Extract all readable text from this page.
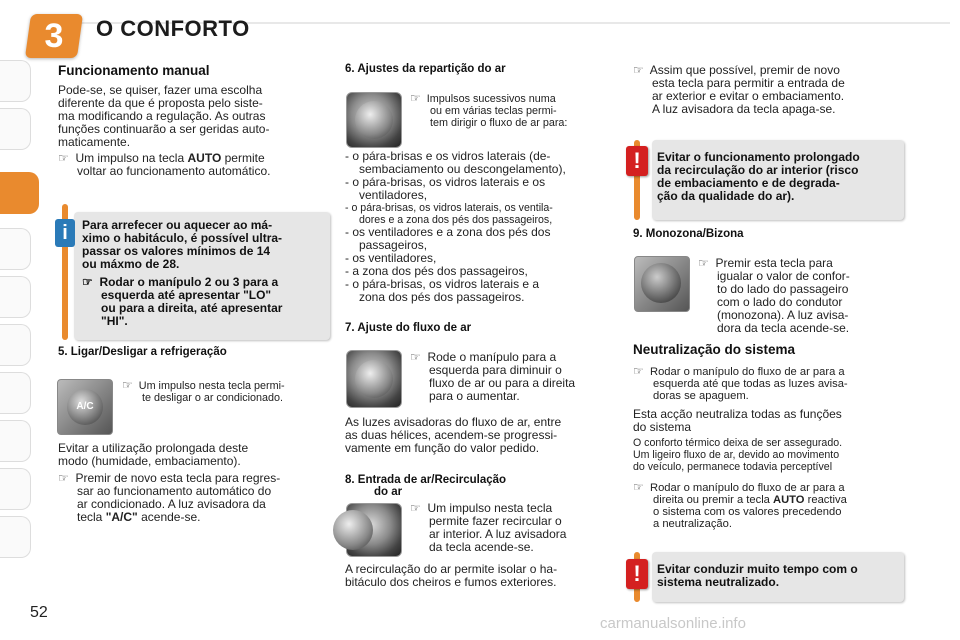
3	O CONFORTO
Funcionamento manual
Pode-se, se quiser, fazer uma escolha
diferente da que é proposta pelo siste-
ma modificando a regulação. As outras
funções continuarão a ser geridas auto-
maticamente.
☞ Um impulso na tecla AUTO permite
voltar ao funcionamento automático.
i	Para arrefecer ou aquecer ao má-
ximo o habitáculo, é possível ultra-
passar os valores mínimos de 14
ou máxmo de 28.
☞ Rodar o manípulo 2 ou 3 para a
esquerda até apresentar "LO"
ou para a direita, até apresentar
"HI".
5. Ligar/Desligar a refrigeração
A/C
☞ Um impulso nesta tecla permi-
te desligar o ar condicionado.
Evitar a utilização prolongada deste
modo (humidade, embaciamento).
☞ Premir de novo esta tecla para regres-
sar ao funcionamento automático do
ar condicionado. A luz avisadora da
tecla "A/C" acende-se.
6. Ajustes da repartição do ar
☞ Impulsos sucessivos numa
ou em várias teclas permi-
tem dirigir o fluxo de ar para:
- o pára-brisas e os vidros laterais (de-
sembaciamento ou descongelamento),
- o pára-brisas, os vidros laterais e os
ventiladores,
- o pára-brisas, os vidros laterais, os ventila-
dores e a zona dos pés dos passageiros,
- os ventiladores e a zona dos pés dos
passageiros,
- os ventiladores,
- a zona dos pés dos passageiros,
- o pára-brisas, os vidros laterais e a
zona dos pés dos passageiros.
7. Ajuste do fluxo de ar
☞ Rode o manípulo para a
esquerda para diminuir o
fluxo de ar ou para a direita
para o aumentar.
As luzes avisadoras do fluxo de ar, entre
as duas hélices, acendem-se progressi-
vamente em função do valor pedido.
8. Entrada de ar/Recirculação
do ar
☞ Um impulso nesta tecla
permite fazer recircular o
ar interior. A luz avisadora
da tecla acende-se.
A recirculação do ar permite isolar o ha-
bitáculo dos cheiros e fumos exteriores.
☞ Assim que possível, premir de novo
esta tecla para permitir a entrada de
ar exterior e evitar o embaciamento.
A luz avisadora da tecla apaga-se.
!	Evitar o funcionamento prolongado
da recirculação do ar interior (risco
de embaciamento e de degrada-
ção da qualidade do ar).
9. Monozona/Bizona
☞ Premir esta tecla para
igualar o valor de confor-
to do lado do passageiro
com o lado do condutor
(monozona). A luz avisa-
dora da tecla acende-se.
Neutralização do sistema
☞ Rodar o manípulo do fluxo de ar para a
esquerda até que todas as luzes avisa-
doras se apaguem.
Esta acção neutraliza todas as funções
do sistema
O conforto térmico deixa de ser assegurado.
Um ligeiro fluxo de ar, devido ao movimento
do veículo, permanece todavia perceptível
☞ Rodar o manípulo do fluxo de ar para a
direita ou premir a tecla AUTO reactiva
o sistema com os valores precedendo
a neutralização.
!	Evitar conduzir muito tempo com o
sistema neutralizado.
52
carmanualsonline.info
